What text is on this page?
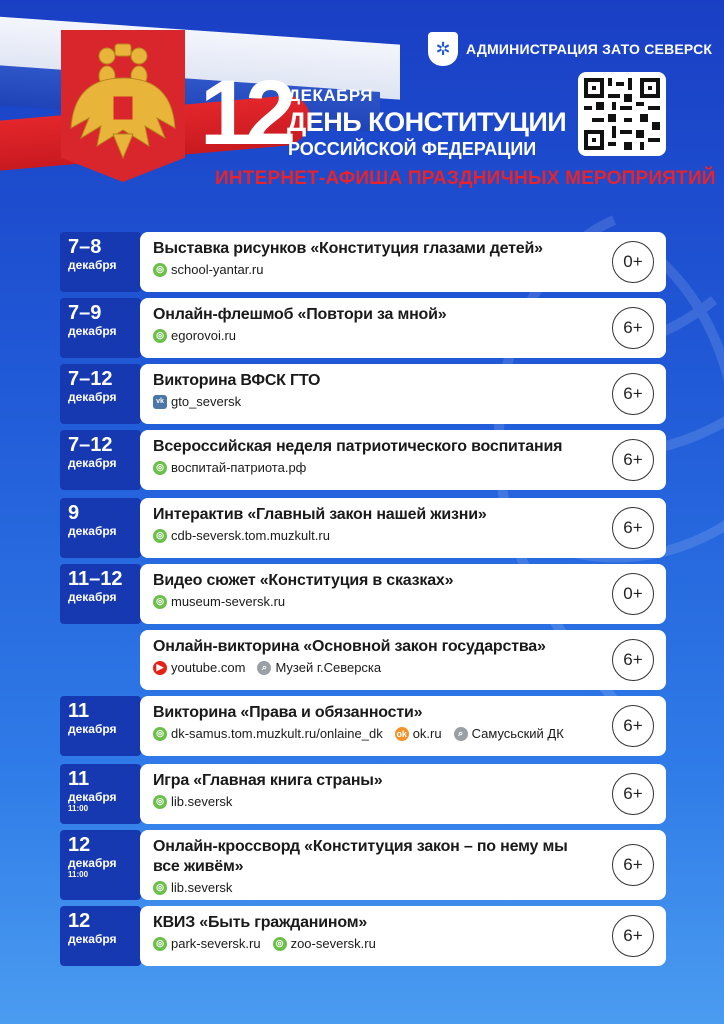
✲	АДМИНИСТРАЦИЯ ЗАТО СЕВЕРСК
12
ДЕКАБРЯ
ДЕНЬ КОНСТИТУЦИИ
РОССИЙСКОЙ ФЕДЕРАЦИИ
ИНТЕРНЕТ-АФИША ПРАЗДНИЧНЫХ МЕРОПРИЯТИЙ
7–8
декабря
Выставка рисунков «Конституция глазами детей»
◎ school-yantar.ru	0+
7–9
декабря
Онлайн-флешмоб «Повтори за мной»
◎ egorovoi.ru	6+
7–12
декабря
Викторина ВФСК ГТО
vk gto_seversk	6+
7–12
декабря
Всероссийская неделя патриотического воспитания
◎ воспитай-патриота.рф	6+
9
декабря
Интерактив «Главный закон нашей жизни»
◎ cdb-seversk.tom.muzkult.ru	6+
11–12
декабря
Видео сюжет «Конституция в сказках»
◎ museum-seversk.ru	0+
Онлайн-викторина «Основной закон государства»
▶ youtube.com	⌕ Музей г.Северска	6+
11
декабря
Викторина «Права и обязанности»
◎ dk-samus.tom.muzkult.ru/onlaine_dk ok ok.ru	⌕ Самусьский ДК	6+
11
декабря
11:00
Игра «Главная книга страны»
◎ lib.seversk	6+
12
декабря
11:00
Онлайн-кроссворд «Конституция закон – по нему мы все живём»
◎ lib.seversk
6+
12
декабря
КВИЗ «Быть гражданином»
◎ park-seversk.ru	◎ zoo-seversk.ru	6+
